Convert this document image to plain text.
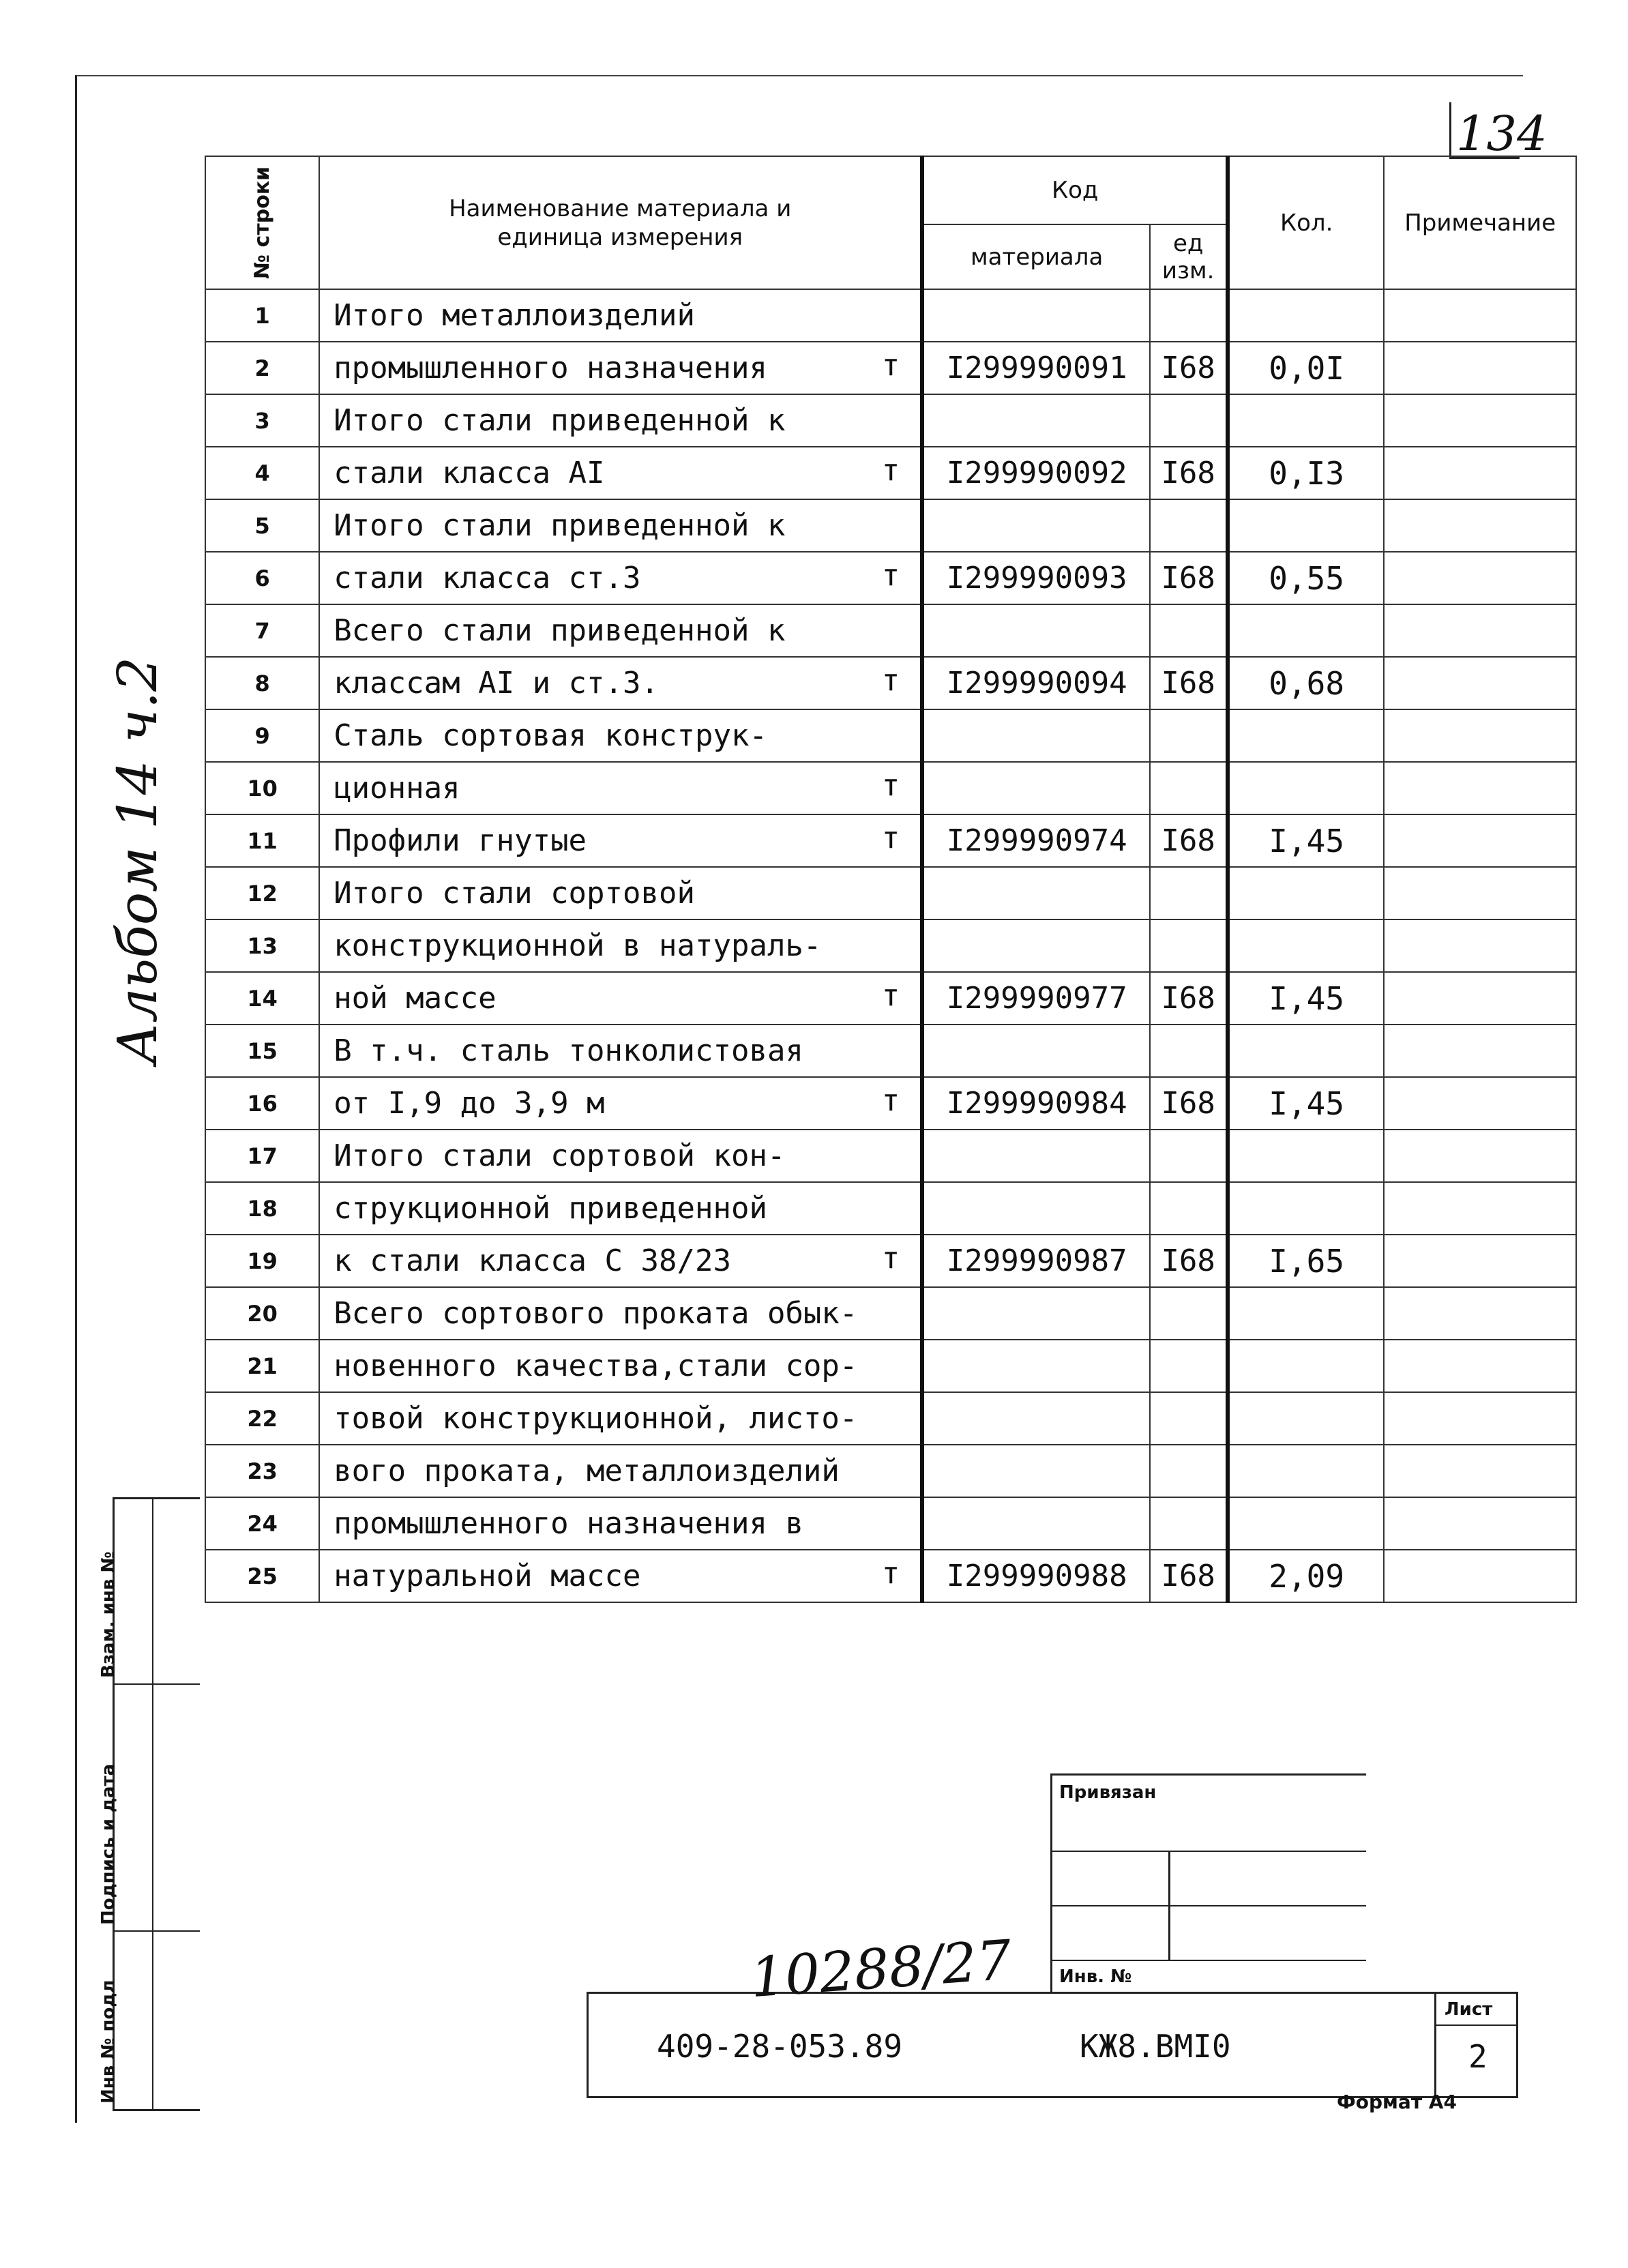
134
Альбом 14 ч.2
№ строки	Наименование материала и единица измерения	Код		Кол.	Примечание
		материала	ед изм.		
1	Итого металлоизделий

2	промышленного назначения т	I299990091	I68	0,0I	
3	Итого стали приведенной к

4	стали класса AI т	I299990092	I68	0,I3	
5	Итого стали приведенной к

6	стали класса ст.3 т	I299990093	I68	0,55	
7	Всего стали приведенной к

8	классам AI и ст.3. т	I299990094	I68	0,68	
9	Сталь сортовая конструк-

10	ционная т				

11	Профили гнутые т	I299990974	I68	I,45	
12	Итого стали сортовой

13	конструкционной в натураль-

14	ной массе т	I299990977	I68	I,45	
15	В т.ч. сталь тонколистовая

16	от I,9 до 3,9 м т	I299990984	I68	I,45	
17	Итого стали сортовой кон-

18	струкционной приведенной

19	к стали класса С 38/23 т	I299990987	I68	I,65	
20	Всего сортового проката обык-

21	новенного качества,стали сор-

22	товой конструкционной, листо-

23	вого проката, металлоизделий

24	промышленного назначения в

25	натуральной массе т	I299990988	I68	2,09	
Взам. инв №
Подпись и дата
Инв № подл
Привязан
Инв. №
409-28-053.89	КЖ8.ВМI0
Лист
2
10288/27
Формат А4
